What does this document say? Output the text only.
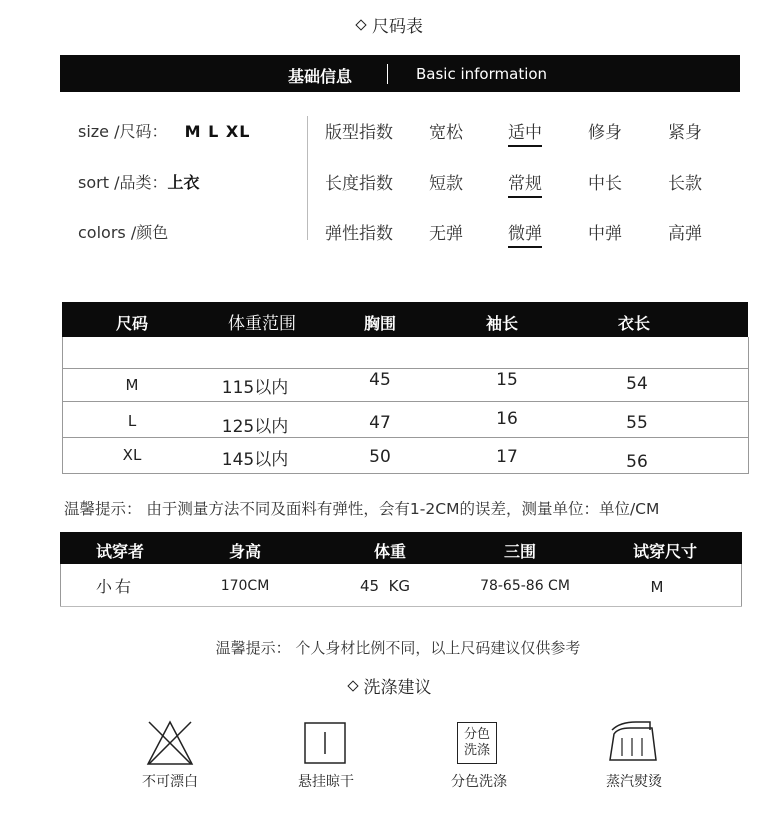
尺码表
基础信息	Basic information
size /尺码： M L XL
sort /品类：上衣
colors /颜色
版型指数 宽松	适中	修身	紧身
长度指数 短款	常规	中长	长款
弹性指数 无弹	微弹	中弹	高弹
尺码	体重范围	胸围	袖长	衣长
M	115以内	45	15	54
L	125以内	47	16	55
XL	145以内	50	17	56
温馨提示： 由于测量方法不同及面料有弹性，会有1-2CM的误差，测量单位：单位/CM
试穿者	身高	体重	三围	试穿尺寸
小右	170CM	45  KG	78-65-86 CM	M
温馨提示： 个人身材比例不同，以上尺码建议仅供参考
洗涤建议
不可漂白	悬挂晾干
分色
洗涤
分色洗涤	蒸汽熨烫
